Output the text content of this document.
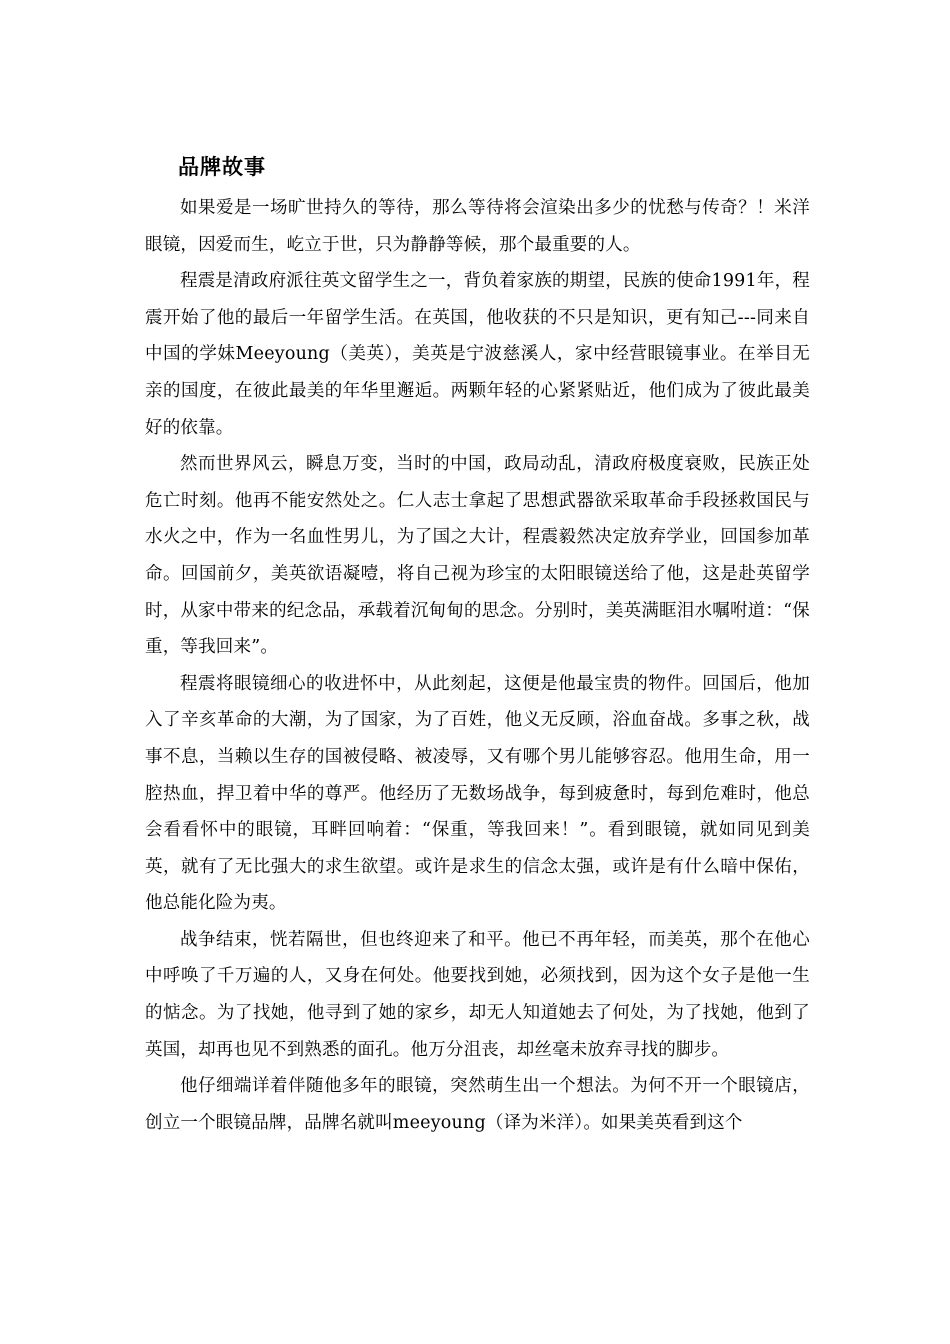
品牌故事

如果爱是一场旷世持久的等待，那么等待将会渲染出多少的忧愁与传奇？！米洋眼镜，因爱而生，屹立于世，只为静静等候，那个最重要的人。

程震是清政府派往英文留学生之一，背负着家族的期望，民族的使命1991年，程震开始了他的最后一年留学生活。在英国，他收获的不只是知识，更有知己---同来自中国的学妹Meeyoung（美英），美英是宁波慈溪人，家中经营眼镜事业。在举目无亲的国度，在彼此最美的年华里邂逅。两颗年轻的心紧紧贴近，他们成为了彼此最美好的依靠。

然而世界风云，瞬息万变，当时的中国，政局动乱，清政府极度衰败，民族正处危亡时刻。他再不能安然处之。仁人志士拿起了思想武器欲采取革命手段拯救国民与水火之中，作为一名血性男儿，为了国之大计，程震毅然决定放弃学业，回国参加革命。回国前夕，美英欲语凝噎，将自己视为珍宝的太阳眼镜送给了他，这是赴英留学时，从家中带来的纪念品，承载着沉甸甸的思念。分别时，美英满眶泪水嘱咐道：“保重，等我回来”。

程震将眼镜细心的收进怀中，从此刻起，这便是他最宝贵的物件。回国后，他加入了辛亥革命的大潮，为了国家，为了百姓，他义无反顾，浴血奋战。多事之秋，战事不息，当赖以生存的国被侵略、被凌辱，又有哪个男儿能够容忍。他用生命，用一腔热血，捍卫着中华的尊严。他经历了无数场战争，每到疲惫时，每到危难时，他总会看看怀中的眼镜，耳畔回响着：“保重，等我回来！”。看到眼镜，就如同见到美英，就有了无比强大的求生欲望。或许是求生的信念太强，或许是有什么暗中保佑，他总能化险为夷。

战争结束，恍若隔世，但也终迎来了和平。他已不再年轻，而美英，那个在他心中呼唤了千万遍的人，又身在何处。他要找到她，必须找到，因为这个女子是他一生的惦念。为了找她，他寻到了她的家乡，却无人知道她去了何处，为了找她，他到了英国，却再也见不到熟悉的面孔。他万分沮丧，却丝毫未放弃寻找的脚步。

他仔细端详着伴随他多年的眼镜，突然萌生出一个想法。为何不开一个眼镜店，创立一个眼镜品牌，品牌名就叫meeyoung（译为米洋）。如果美英看到这个
